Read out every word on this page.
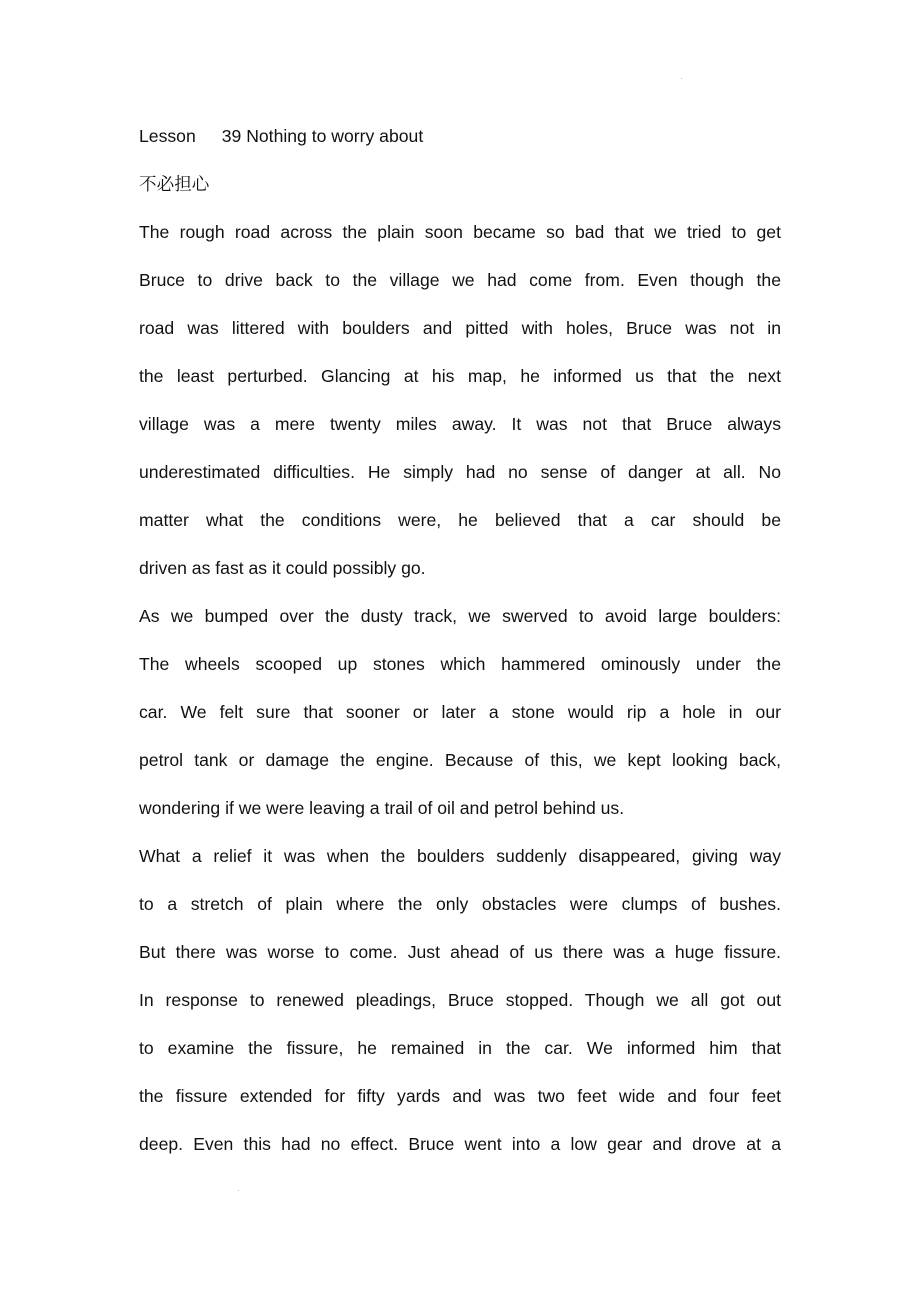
Lesson 39 Nothing to worry about
不必担心
The rough road across the plain soon became so bad that we tried to get
Bruce to drive back to the village we had come from. Even though the
road was littered with boulders and pitted with holes, Bruce was not in
the least perturbed. Glancing at his map, he informed us that the next
village was a mere twenty miles away. It was not that Bruce always
underestimated difficulties. He simply had no sense of danger at all. No
matter what the conditions were, he believed that a car should be
driven as fast as it could possibly go.
As we bumped over the dusty track, we swerved to avoid large boulders:
The wheels scooped up stones which hammered ominously under the
car. We felt sure that sooner or later a stone would rip a hole in our
petrol tank or damage the engine. Because of this, we kept looking back,
wondering if we were leaving a trail of oil and petrol behind us.
What a relief it was when the boulders suddenly disappeared, giving way
to a stretch of plain where the only obstacles were clumps of bushes.
But there was worse to come. Just ahead of us there was a huge fissure.
In response to renewed pleadings, Bruce stopped. Though we all got out
to examine the fissure, he remained in the car. We informed him that
the fissure extended for fifty yards and was two feet wide and four feet
deep. Even this had no effect. Bruce went into a low gear and drove at a
